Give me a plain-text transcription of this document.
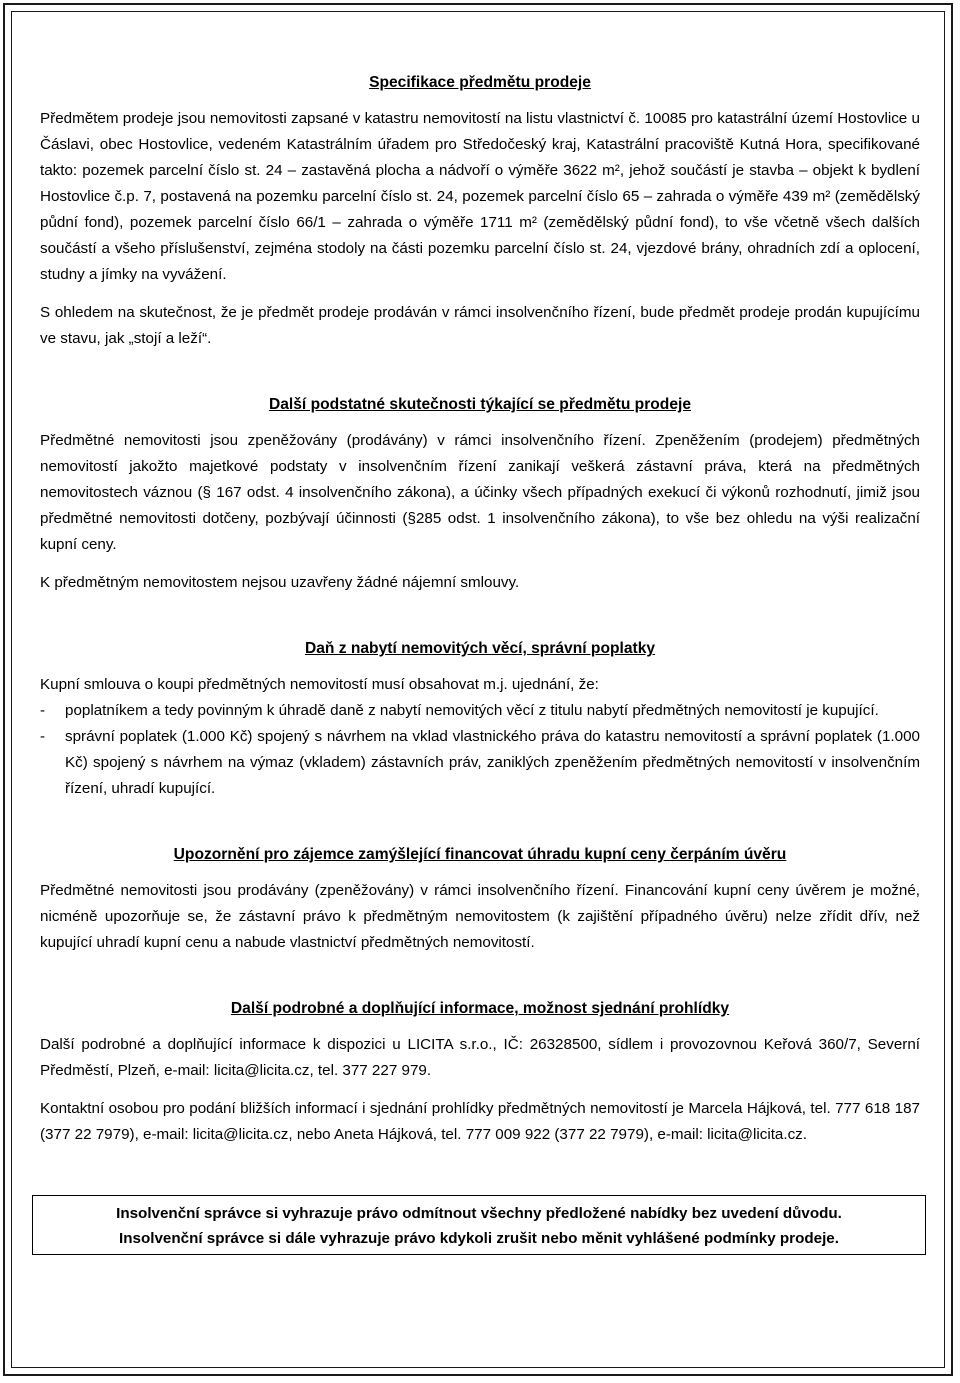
Specifikace předmětu prodeje

Předmětem prodeje jsou nemovitosti zapsané v katastru nemovitostí na listu vlastnictví č. 10085 pro katastrální území Hostovlice u Čáslavi, obec Hostovlice, vedeném Katastrálním úřadem pro Středočeský kraj, Katastrální pracoviště Kutná Hora, specifikované takto: pozemek parcelní číslo st. 24 – zastavěná plocha a nádvoří o výměře 3622 m², jehož součástí je stavba – objekt k bydlení Hostovlice č.p. 7, postavená na pozemku parcelní číslo st. 24, pozemek parcelní číslo 65 – zahrada o výměře 439 m² (zemědělský půdní fond), pozemek parcelní číslo 66/1 – zahrada o výměře 1711 m² (zemědělský půdní fond), to vše včetně všech dalších součástí a všeho příslušenství, zejména stodoly na části pozemku parcelní číslo st. 24, vjezdové brány, ohradních zdí a oplocení, studny a jímky na vyvážení.

S ohledem na skutečnost, že je předmět prodeje prodáván v rámci insolvenčního řízení, bude předmět prodeje prodán kupujícímu ve stavu, jak „stojí a leží“.

Další podstatné skutečnosti týkající se předmětu prodeje

Předmětné nemovitosti jsou zpeněžovány (prodávány) v rámci insolvenčního řízení. Zpeněžením (prodejem) předmětných nemovitostí jakožto majetkové podstaty v insolvenčním řízení zanikají veškerá zástavní práva, která na předmětných nemovitostech váznou (§ 167 odst. 4 insolvenčního zákona), a účinky všech případných exekucí či výkonů rozhodnutí, jimiž jsou předmětné nemovitosti dotčeny, pozbývají účinnosti (§285 odst. 1 insolvenčního zákona), to vše bez ohledu na výši realizační kupní ceny.

K předmětným nemovitostem nejsou uzavřeny žádné nájemní smlouvy.

Daň z nabytí nemovitých věcí, správní poplatky

Kupní smlouva o koupi předmětných nemovitostí musí obsahovat m.j. ujednání, že:

- poplatníkem a tedy povinným k úhradě daně z nabytí nemovitých věcí z titulu nabytí předmětných nemovitostí je kupující.
- správní poplatek (1.000 Kč) spojený s návrhem na vklad vlastnického práva do katastru nemovitostí a správní poplatek (1.000 Kč) spojený s návrhem na výmaz (vkladem) zástavních práv, zaniklých zpeněžením předmětných nemovitostí v insolvenčním řízení, uhradí kupující.
Upozornění pro zájemce zamýšlející financovat úhradu kupní ceny čerpáním úvěru

Předmětné nemovitosti jsou prodávány (zpeněžovány) v rámci insolvenčního řízení. Financování kupní ceny úvěrem je možné, nicméně upozorňuje se, že zástavní právo k předmětným nemovitostem (k zajištění případného úvěru) nelze zřídit dřív, než kupující uhradí kupní cenu a nabude vlastnictví předmětných nemovitostí.

Další podrobné a doplňující informace, možnost sjednání prohlídky

Další podrobné a doplňující informace k dispozici u LICITA s.r.o., IČ: 26328500, sídlem i provozovnou Keřová 360/7, Severní Předměstí, Plzeň, e-mail: licita@licita.cz, tel. 377 227 979.

Kontaktní osobou pro podání bližších informací i sjednání prohlídky předmětných nemovitostí je Marcela Hájková, tel. 777 618 187 (377 22 7979), e-mail: licita@licita.cz, nebo Aneta Hájková, tel. 777 009 922 (377 22 7979), e-mail: licita@licita.cz.

Insolvenční správce si vyhrazuje právo odmítnout všechny předložené nabídky bez uvedení důvodu.
Insolvenční správce si dále vyhrazuje právo kdykoli zrušit nebo měnit vyhlášené podmínky prodeje.
